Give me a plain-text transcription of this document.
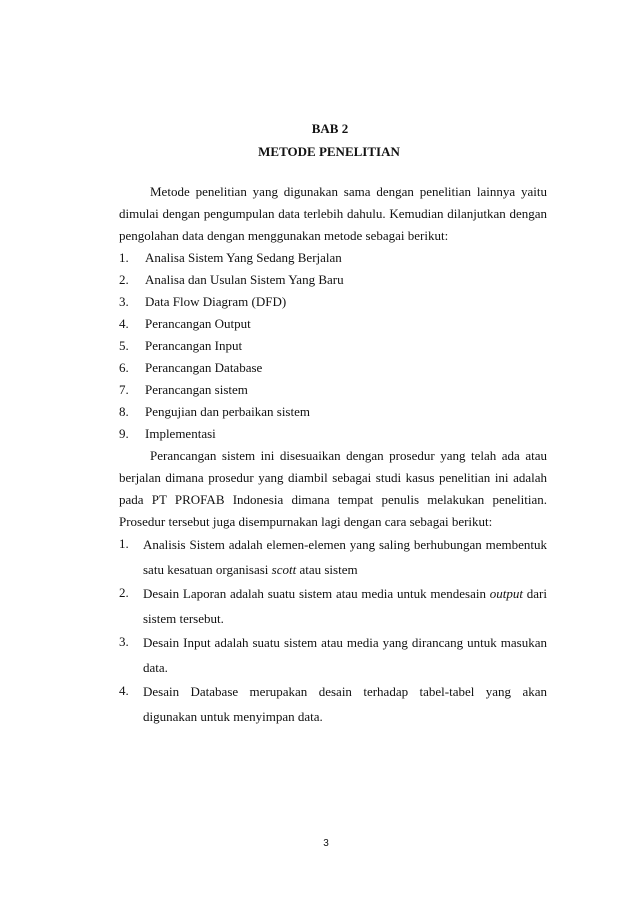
BAB 2
METODE PENELITIAN

Metode penelitian yang digunakan sama dengan penelitian lainnya yaitu dimulai dengan pengumpulan data terlebih dahulu. Kemudian dilanjutkan dengan pengolahan data dengan menggunakan metode sebagai berikut:

1.	Analisa Sistem Yang Sedang Berjalan
2.	Analisa dan Usulan Sistem Yang Baru
3.	Data Flow Diagram (DFD)
4.	Perancangan Output
5.	Perancangan Input
6.	Perancangan Database
7.	Perancangan sistem
8.	Pengujian dan perbaikan sistem
9.	Implementasi

Perancangan sistem ini disesuaikan dengan prosedur yang telah ada atau berjalan dimana prosedur yang diambil sebagai studi kasus penelitian ini adalah pada PT PROFAB Indonesia dimana tempat penulis melakukan penelitian. Prosedur tersebut juga disempurnakan lagi dengan cara sebagai berikut:

1.	Analisis Sistem adalah elemen-elemen yang saling berhubungan membentuk satu kesatuan organisasi scott atau sistem
2.	Desain Laporan adalah suatu sistem atau media untuk mendesain output dari sistem tersebut.
3.	Desain Input adalah suatu sistem atau media yang dirancang untuk masukan data.
4.	Desain Database merupakan desain terhadap tabel-tabel yang akan digunakan untuk menyimpan data.
3
